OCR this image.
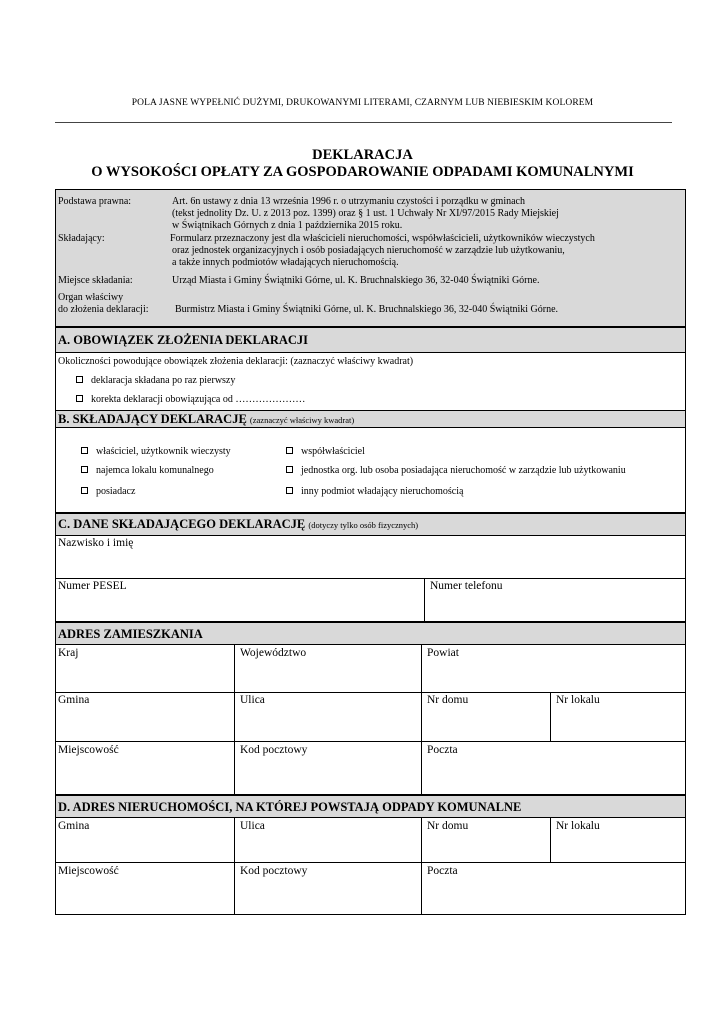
POLA JASNE WYPEŁNIĆ DUŻYMI, DRUKOWANYMI LITERAMI, CZARNYM LUB NIEBIESKIM KOLOREM
DEKLARACJA
O WYSOKOŚCI OPŁATY ZA GOSPODAROWANIE ODPADAMI KOMUNALNYMI
Podstawa prawna:	Art. 6n ustawy z dnia 13 września 1996 r. o utrzymaniu czystości i porządku w gminach
(tekst jednolity Dz. U. z 2013 poz. 1399) oraz § 1 ust. 1 Uchwały Nr XI/97/2015 Rady Miejskiej
w Świątnikach Górnych z dnia 1 października 2015 roku.
Składający:	Formularz przeznaczony jest dla właścicieli nieruchomości, współwłaścicieli, użytkowników wieczystych
oraz jednostek organizacyjnych i osób posiadających nieruchomość w zarządzie lub użytkowaniu,
a także innych podmiotów władających nieruchomością.
Miejsce składania:	Urząd Miasta i Gminy Świątniki Górne, ul. K. Bruchnalskiego 36, 32-040 Świątniki Górne.
Organ właściwy
do złożenia deklaracji:	Burmistrz Miasta i Gminy Świątniki Górne, ul. K. Bruchnalskiego 36, 32-040 Świątniki Górne.
A. OBOWIĄZEK ZŁOŻENIA DEKLARACJI
Okoliczności powodujące obowiązek złożenia deklaracji: (zaznaczyć właściwy kwadrat)
deklaracja składana po raz pierwszy
korekta deklaracji obowiązująca od …………………
B. SKŁADAJĄCY DEKLARACJĘ (zaznaczyć właściwy kwadrat)
właściciel, użytkownik wieczysty
najemca lokalu komunalnego
posiadacz
współwłaściciel
jednostka org. lub osoba posiadająca nieruchomość w zarządzie lub użytkowaniu
inny podmiot władający nieruchomością
C. DANE SKŁADAJĄCEGO DEKLARACJĘ (dotyczy tylko osób fizycznych)
Nazwisko i imię
Numer PESEL	Numer telefonu
ADRES ZAMIESZKANIA
Kraj	Województwo	Powiat
Gmina	Ulica	Nr domu	Nr lokalu
Miejscowość	Kod pocztowy	Poczta
D. ADRES NIERUCHOMOŚCI, NA KTÓREJ POWSTAJĄ ODPADY KOMUNALNE
Gmina	Ulica	Nr domu	Nr lokalu
Miejscowość	Kod pocztowy	Poczta
